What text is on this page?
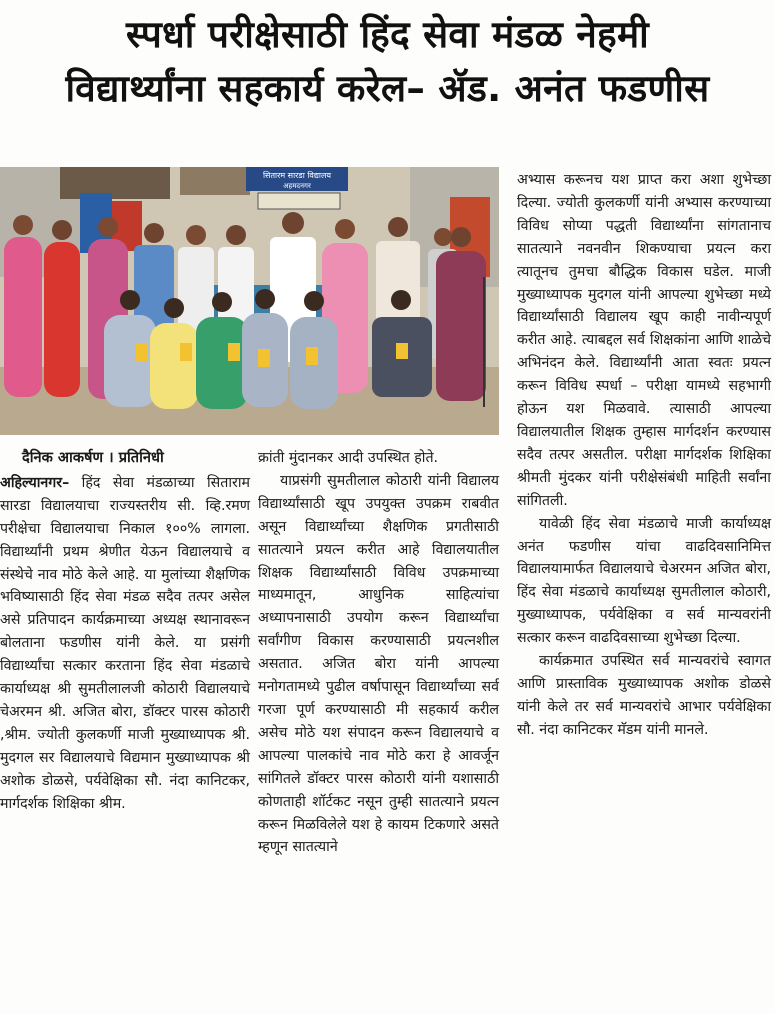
स्पर्धा परीक्षेसाठी हिंद सेवा मंडळ नेहमी
विद्यार्थ्यांना सहकार्य करेल– ॲड. अनंत फडणीस
सितारम सारडा विद्यालय
अहमदनगर
दैनिक आकर्षण । प्रतिनिधी

अहिल्यानगर– हिंद सेवा मंडळाच्या सिताराम सारडा विद्यालयाचा राज्यस्तरीय सी. व्हि.रमण परीक्षेचा विद्यालयाचा निकाल १००% लागला. विद्यार्थ्यांनी प्रथम श्रेणीत येऊन विद्यालयाचे व संस्थेचे नाव मोठे केले आहे. या मुलांच्या शैक्षणिक भविष्यासाठी हिंद सेवा मंडळ सदैव तत्पर असेल असे प्रतिपादन कार्यक्रमाच्या अध्यक्ष स्थानावरून बोलताना फडणीस यांनी केले. या प्रसंगी विद्यार्थ्यांचा सत्कार करताना हिंद सेवा मंडळाचे कार्याध्यक्ष श्री सुमतीलालजी कोठारी विद्यालयाचे चेअरमन श्री. अजित बोरा, डॉक्टर पारस कोठारी ,श्रीम. ज्योती कुलकर्णी माजी मुख्याध्यापक श्री. मुदगल सर विद्यालयाचे विद्यमान मुख्याध्यापक श्री अशोक डोळसे, पर्यवेक्षिका सौ. नंदा कानिटकर, मार्गदर्शक शिक्षिका श्रीम.

क्रांती मुंदानकर आदी उपस्थित होते.

याप्रसंगी सुमतीलाल कोठारी यांनी विद्यालय विद्यार्थ्यांसाठी खूप उपयुक्त उपक्रम राबवीत असून विद्यार्थ्यांच्या शैक्षणिक प्रगतीसाठी सातत्याने प्रयत्न करीत आहे विद्यालयातील शिक्षक विद्यार्थ्यांसाठी विविध उपक्रमाच्या माध्यमातून, आधुनिक साहित्यांचा अध्यापनासाठी उपयोग करून विद्यार्थ्यांचा सर्वांगीण विकास करण्यासाठी प्रयत्नशील असतात. अजित बोरा यांनी आपल्या मनोगतामध्ये पुढील वर्षापासून विद्यार्थ्यांच्या सर्व गरजा पूर्ण करण्यासाठी मी सहकार्य करील असेच मोठे यश संपादन करून विद्यालयाचे व आपल्या पालकांचे नाव मोठे करा हे आवर्जून सांगितले डॉक्टर पारस कोठारी यांनी यशासाठी कोणताही शॉर्टकट नसून तुम्ही सातत्याने प्रयत्न करून मिळविलेले यश हे कायम टिकणारे असते म्हणून सातत्याने

अभ्यास करूनच यश प्राप्त करा अशा शुभेच्छा दिल्या. ज्योती कुलकर्णी यांनी अभ्यास करण्याच्या विविध सोप्या पद्धती विद्यार्थ्यांना सांगतानाच सातत्याने नवनवीन शिकण्याचा प्रयत्न करा त्यातूनच तुमचा बौद्धिक विकास घडेल. माजी मुख्याध्यापक मुदगल यांनी आपल्या शुभेच्छा मध्ये विद्यार्थ्यांसाठी विद्यालय खूप काही नावीन्यपूर्ण करीत आहे. त्याबद्दल सर्व शिक्षकांना आणि शाळेचे अभिनंदन केले. विद्यार्थ्यांनी आता स्वतः प्रयत्न करून विविध स्पर्धा – परीक्षा यामध्ये सहभागी होऊन यश मिळवावे. त्यासाठी आपल्या विद्यालयातील शिक्षक तुम्हास मार्गदर्शन करण्यास सदैव तत्पर असतील. परीक्षा मार्गदर्शक शिक्षिका श्रीमती मुंदकर यांनी परीक्षेसंबंधी माहिती सर्वांना सांगितली.

यावेळी हिंद सेवा मंडळाचे माजी कार्याध्यक्ष अनंत फडणीस यांचा वाढदिवसानिमित्त विद्यालयामार्फत विद्यालयाचे चेअरमन अजित बोरा, हिंद सेवा मंडळाचे कार्याध्यक्ष सुमतीलाल कोठारी, मुख्याध्यापक, पर्यवेक्षिका व सर्व मान्यवरांनी सत्कार करून वाढदिवसाच्या शुभेच्छा दिल्या.

कार्यक्रमात उपस्थित सर्व मान्यवरांचे स्वागत आणि प्रास्ताविक मुख्याध्यापक अशोक डोळसे यांनी केले तर सर्व मान्यवरांचे आभार पर्यवेक्षिका सौ. नंदा कानिटकर मॅडम यांनी मानले.
